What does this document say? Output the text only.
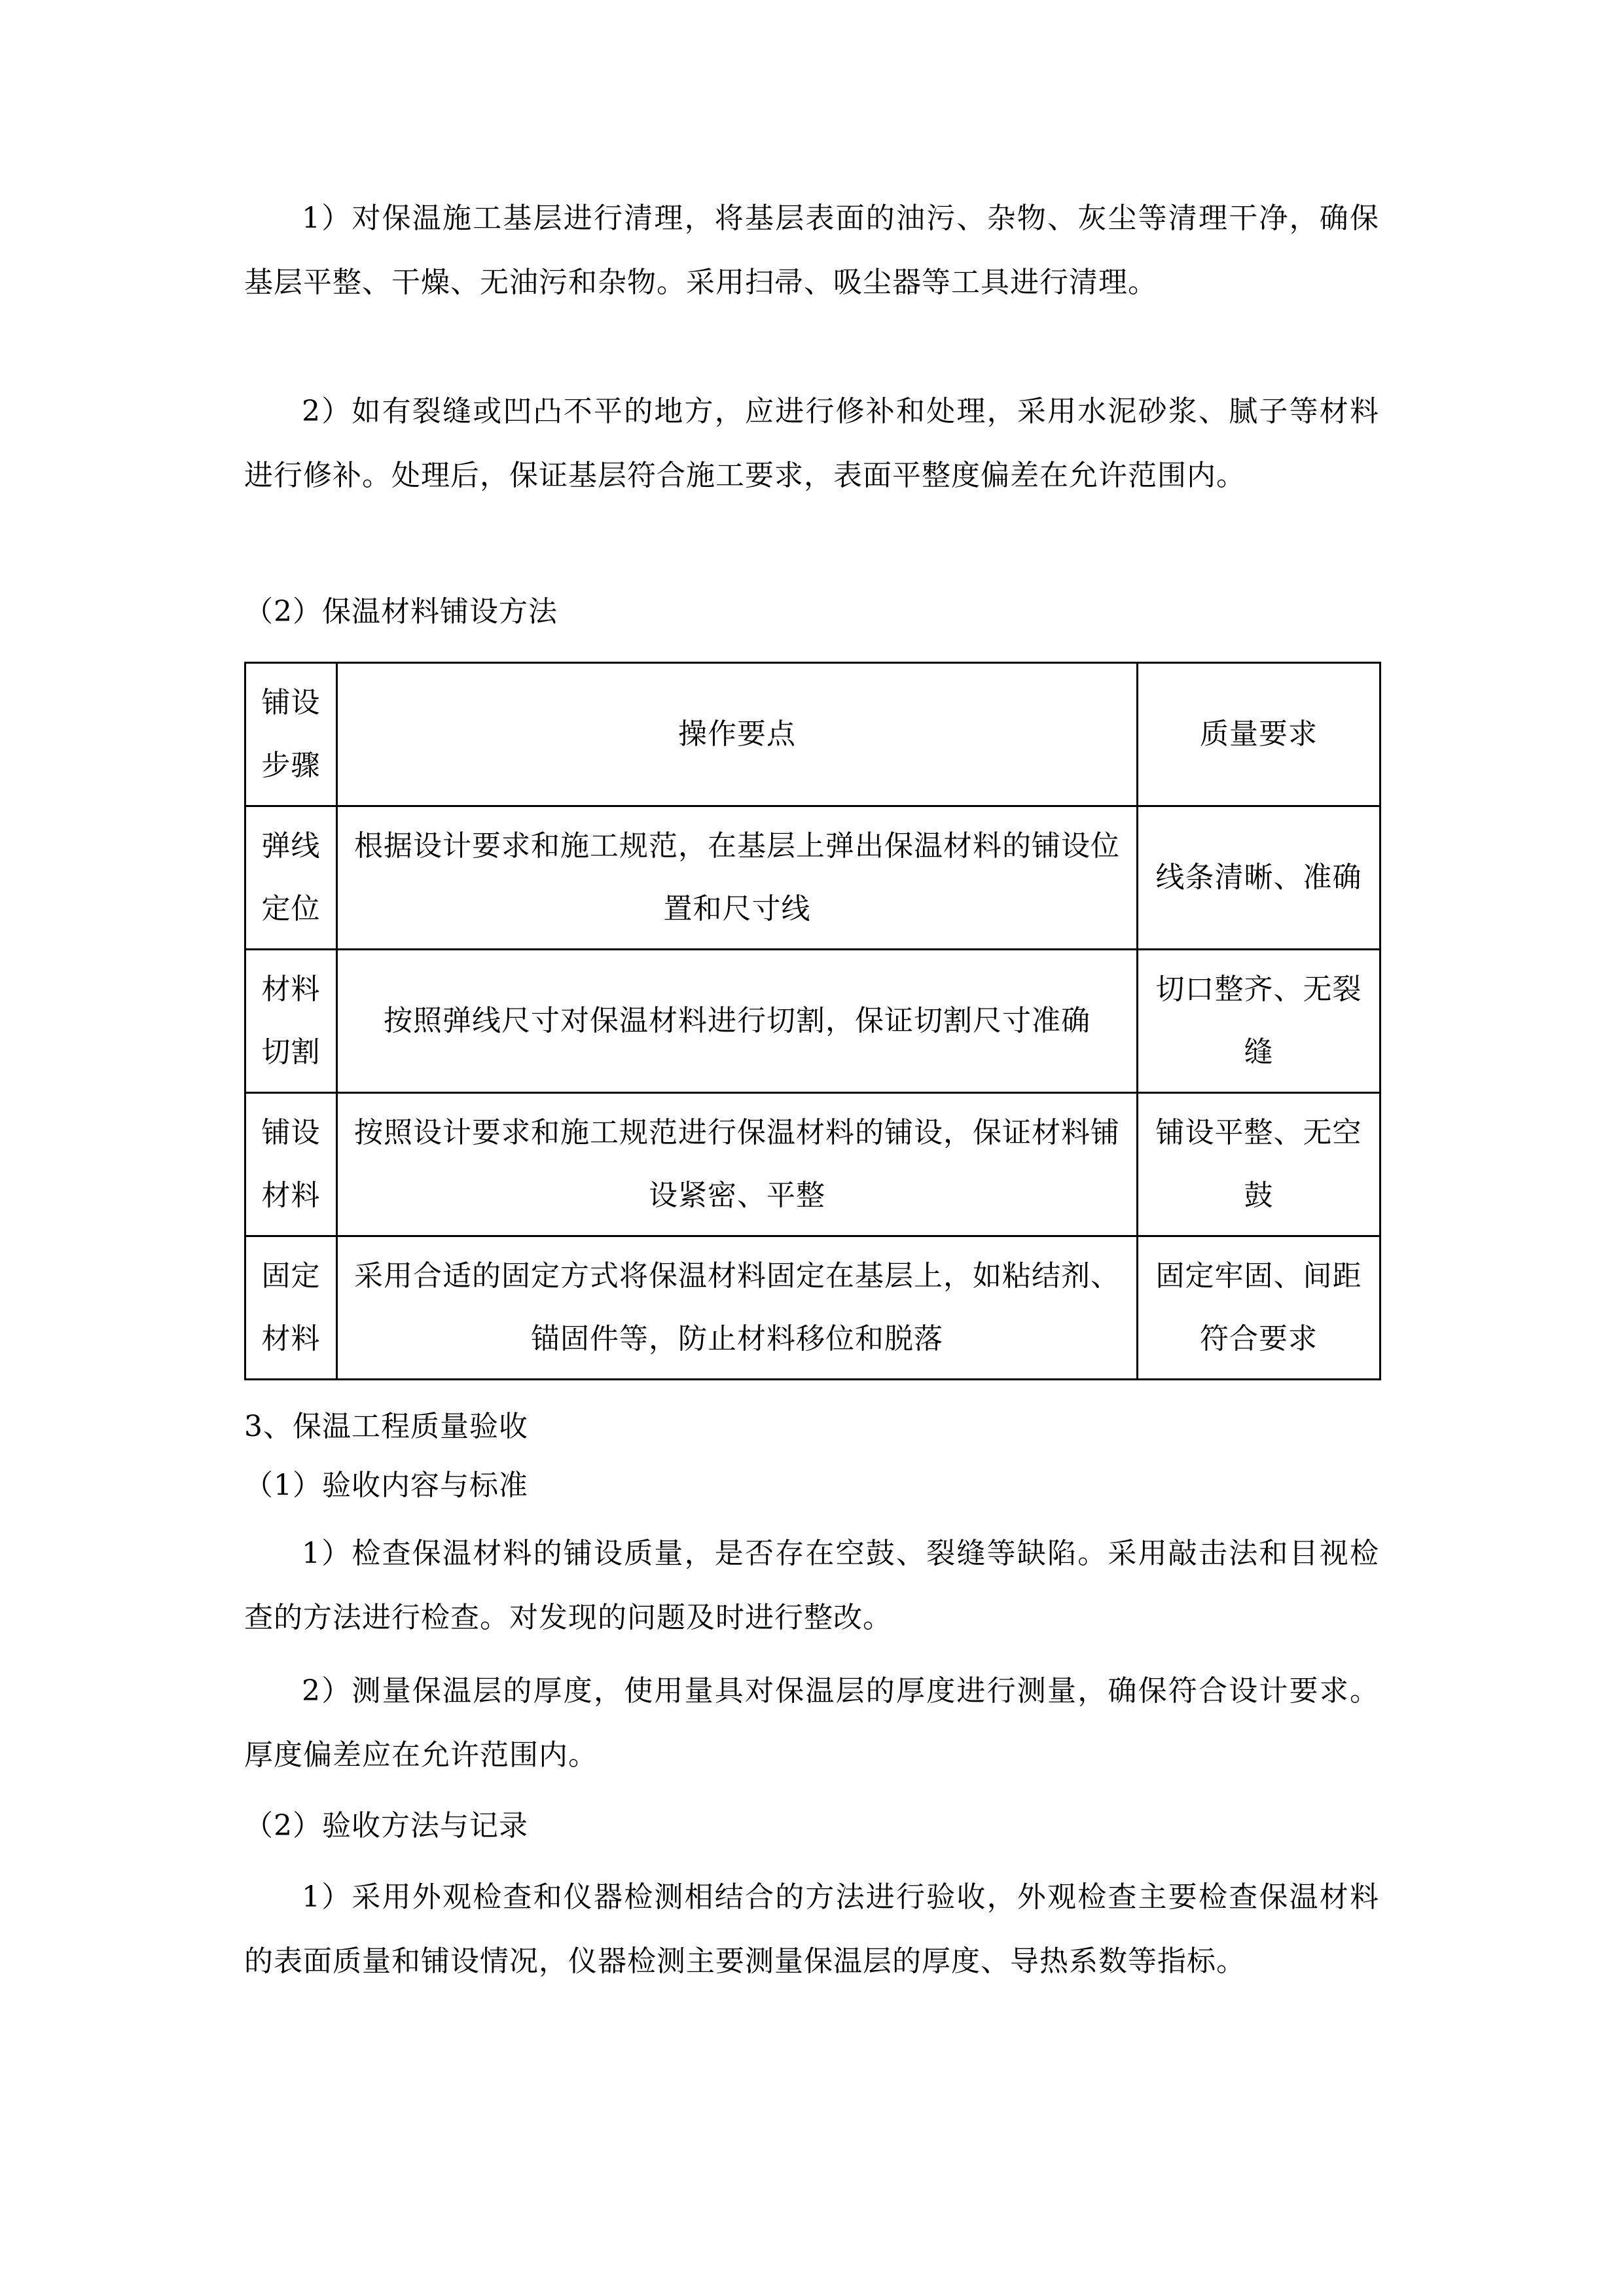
1）对保温施工基层进行清理，将基层表面的油污、杂物、灰尘等清理干净，确保基层平整、干燥、无油污和杂物。采用扫帚、吸尘器等工具进行清理。

2）如有裂缝或凹凸不平的地方，应进行修补和处理，采用水泥砂浆、腻子等材料进行修补。处理后，保证基层符合施工要求，表面平整度偏差在允许范围内。

（2）保温材料铺设方法
铺设
步骤	操作要点	质量要求

弹线
定位	根据设计要求和施工规范，在基层上弹出保温材料的铺设位置和尺寸线	线条清晰、准确

材料
切割	按照弹线尺寸对保温材料进行切割，保证切割尺寸准确	切口整齐、无裂缝

铺设
材料	按照设计要求和施工规范进行保温材料的铺设，保证材料铺设紧密、平整	铺设平整、无空鼓

固定
材料	采用合适的固定方式将保温材料固定在基层上，如粘结剂、锚固件等，防止材料移位和脱落	固定牢固、间距符合要求
3、保温工程质量验收
（1）验收内容与标准

1）检查保温材料的铺设质量，是否存在空鼓、裂缝等缺陷。采用敲击法和目视检查的方法进行检查。对发现的问题及时进行整改。

2）测量保温层的厚度，使用量具对保温层的厚度进行测量，确保符合设计要求。厚度偏差应在允许范围内。

（2）验收方法与记录

1）采用外观检查和仪器检测相结合的方法进行验收，外观检查主要检查保温材料的表面质量和铺设情况，仪器检测主要测量保温层的厚度、导热系数等指标。
